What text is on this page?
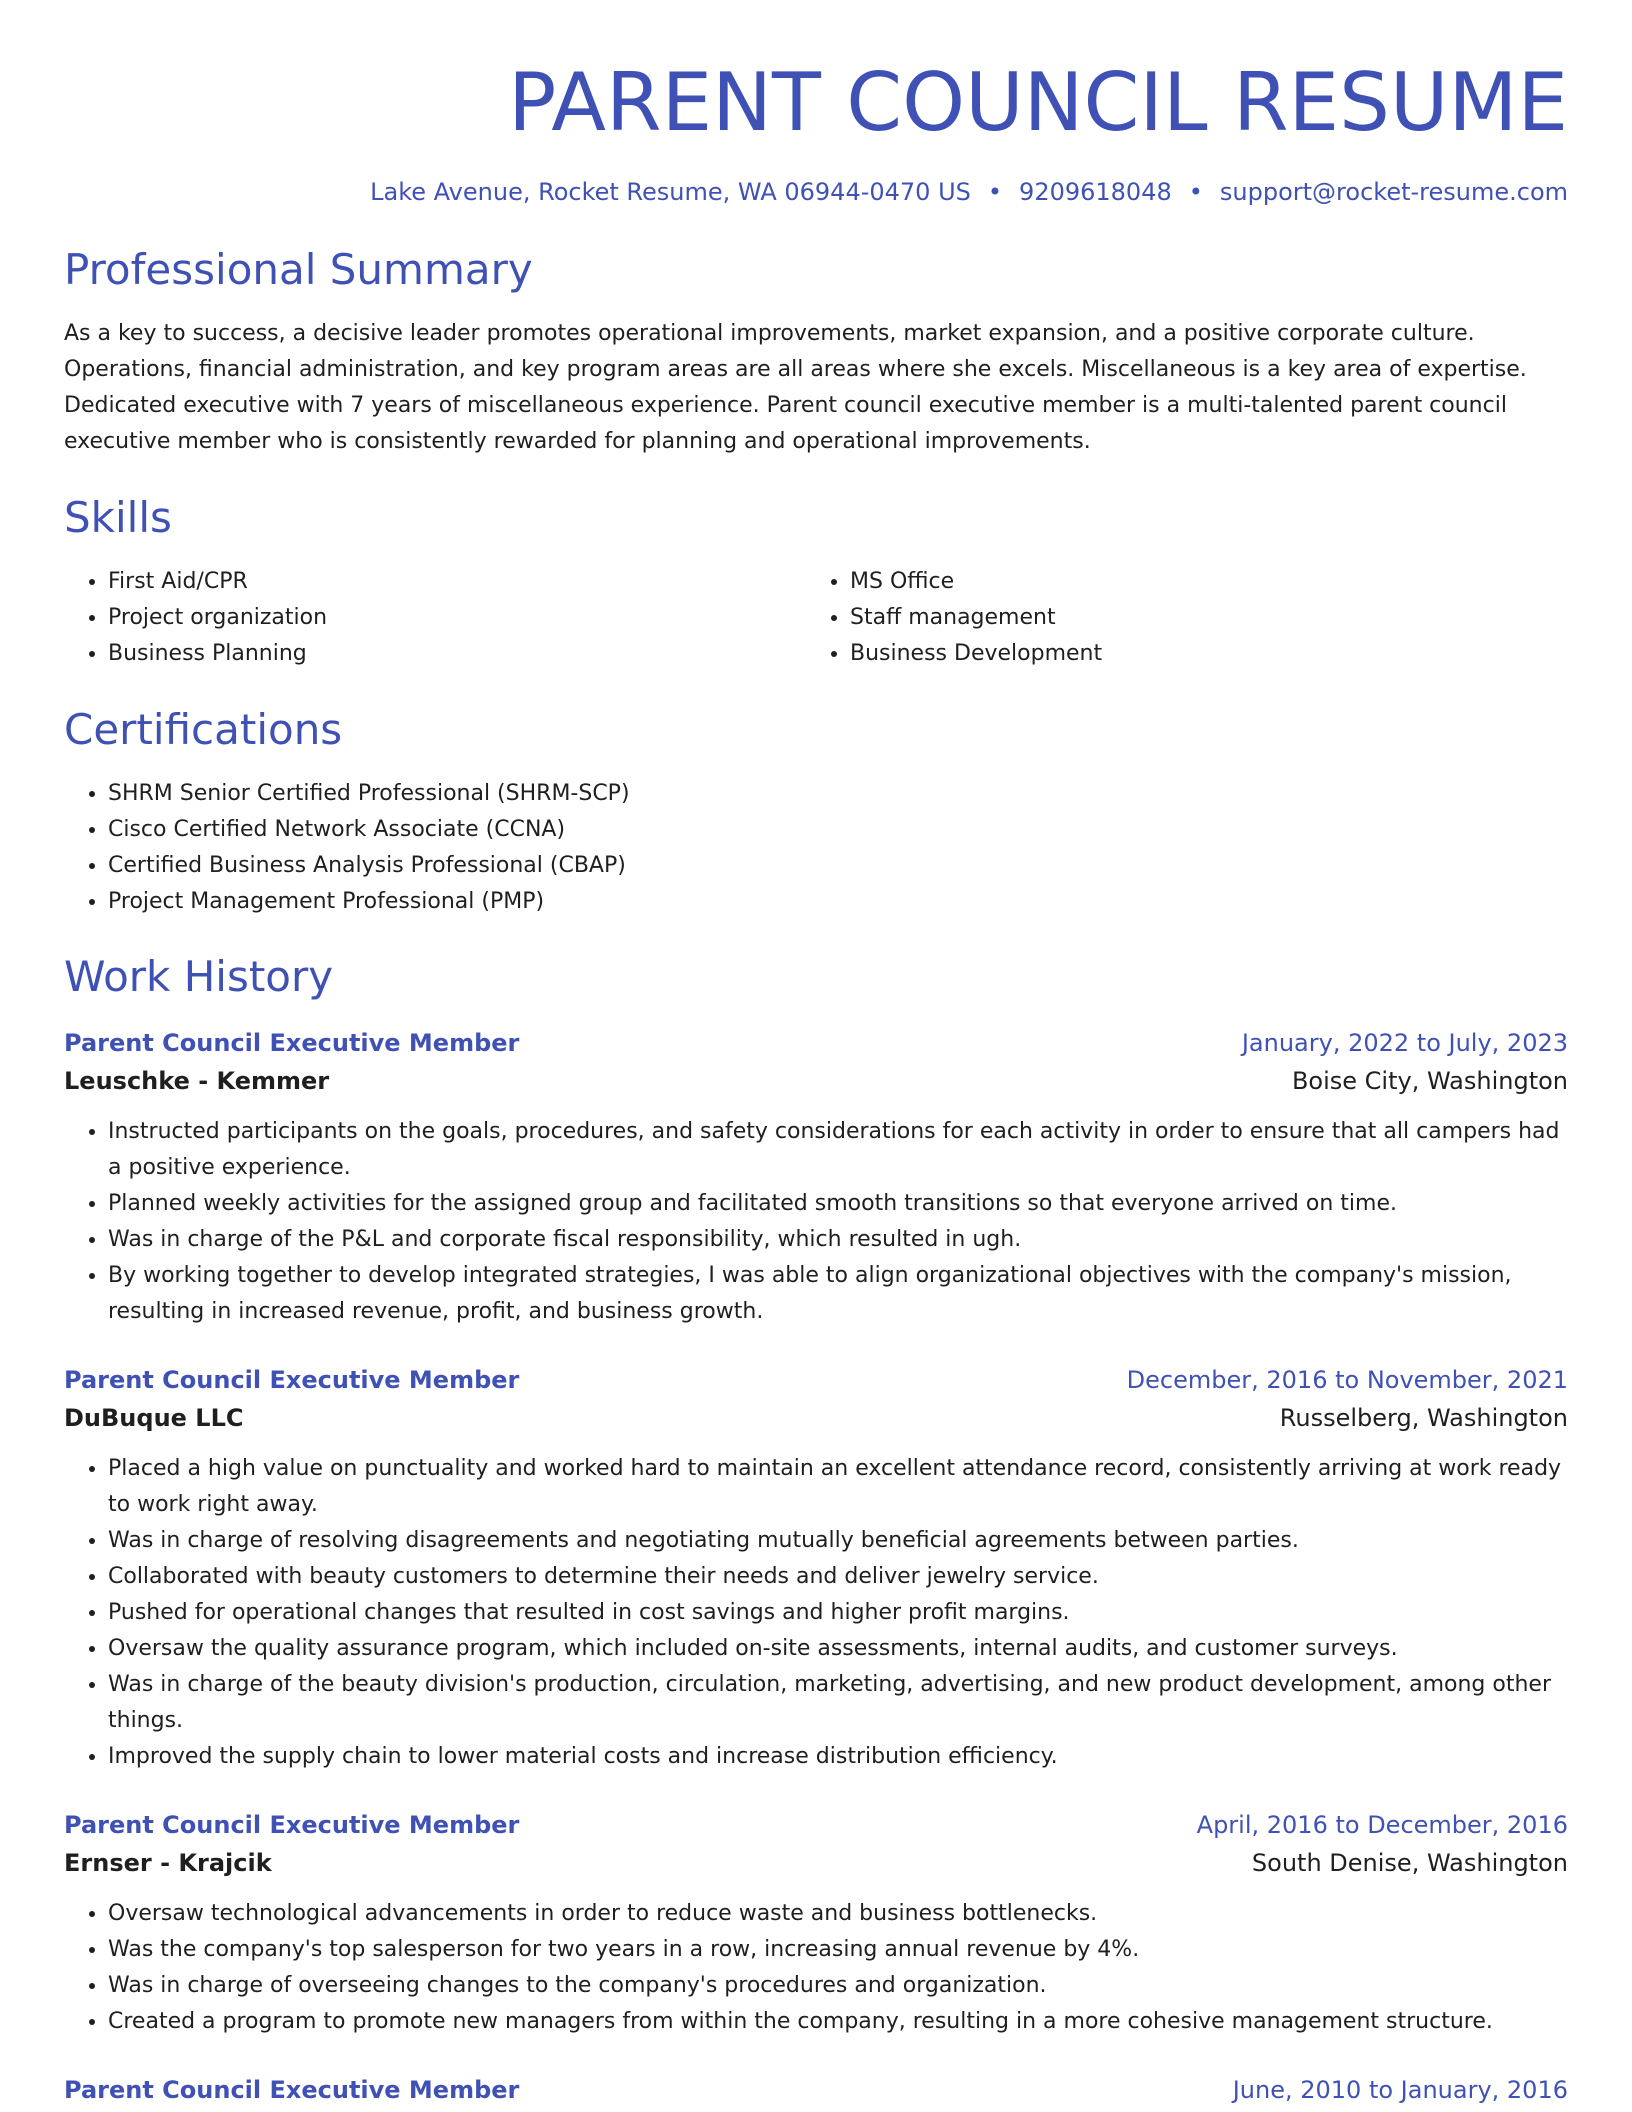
PARENT COUNCIL RESUME
Lake Avenue, Rocket Resume, WA 06944-0470 US • 9209618048 • support@rocket-resume.com
Professional Summary

As a key to success, a decisive leader promotes operational improvements, market expansion, and a positive corporate culture. Operations, financial administration, and key program areas are all areas where she excels. Miscellaneous is a key area of expertise. Dedicated executive with 7 years of miscellaneous experience. Parent council executive member is a multi-talented parent council executive member who is consistently rewarded for planning and operational improvements.

Skills
• First Aid/CPR
• Project organization
• Business Planning
• MS Office
• Staff management
• Business Development
Certifications
• SHRM Senior Certified Professional (SHRM-SCP)
• Cisco Certified Network Associate (CCNA)
• Certified Business Analysis Professional (CBAP)
• Project Management Professional (PMP)
Work History
Parent Council Executive Member	January, 2022 to July, 2023
Leuschke - Kemmer	Boise City, Washington
• Instructed participants on the goals, procedures, and safety considerations for each activity in order to ensure that all campers had a positive experience.
• Planned weekly activities for the assigned group and facilitated smooth transitions so that everyone arrived on time.
• Was in charge of the P&L and corporate fiscal responsibility, which resulted in ugh.
• By working together to develop integrated strategies, I was able to align organizational objectives with the company's mission, resulting in increased revenue, profit, and business growth.
Parent Council Executive Member	December, 2016 to November, 2021
DuBuque LLC	Russelberg, Washington
• Placed a high value on punctuality and worked hard to maintain an excellent attendance record, consistently arriving at work ready to work right away.
• Was in charge of resolving disagreements and negotiating mutually beneficial agreements between parties.
• Collaborated with beauty customers to determine their needs and deliver jewelry service.
• Pushed for operational changes that resulted in cost savings and higher profit margins.
• Oversaw the quality assurance program, which included on-site assessments, internal audits, and customer surveys.
• Was in charge of the beauty division's production, circulation, marketing, advertising, and new product development, among other things.
• Improved the supply chain to lower material costs and increase distribution efficiency.
Parent Council Executive Member	April, 2016 to December, 2016
Ernser - Krajcik	South Denise, Washington
• Oversaw technological advancements in order to reduce waste and business bottlenecks.
• Was the company's top salesperson for two years in a row, increasing annual revenue by 4%.
• Was in charge of overseeing changes to the company's procedures and organization.
• Created a program to promote new managers from within the company, resulting in a more cohesive management structure.
Parent Council Executive Member	June, 2010 to January, 2016
